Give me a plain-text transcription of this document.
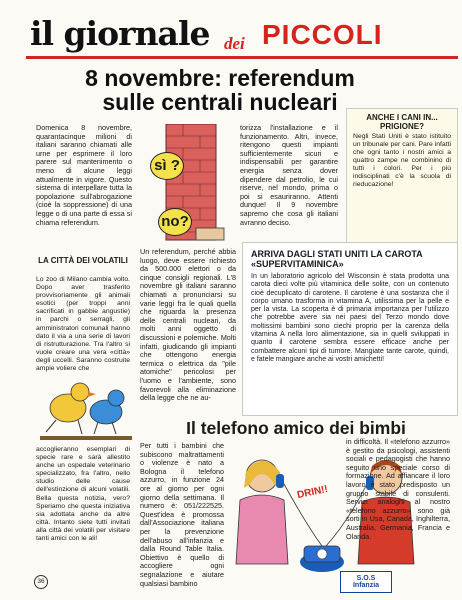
il giornale dei PICCOLI
8 novembre: referendum sulle centrali nucleari
Domenica 8 novembre, quarantacinque milioni di italiani saranno chiamati alle urne per esprimere il loro parere sul mantenimento o meno di alcune leggi attualmente in vigore. Questo sistema di interpellare tutta la popolazione sull'abrogazione (cioè la soppressione) di una legge o di una parte di essa si chiama referendum.
sì ?
no?
torizza l'installazione e il funzionamento. Altri, invece, ritengono questi impianti sufficientemente sicuri e indispensabili per garantire energia senza dover dipendere dal petrolio, le cui riserve, nel mondo, prima o poi si esauriranno. Attenti dunque! Il 9 novembre sapremo che cosa gli italiani avranno deciso.
Un referendum, perché abbia luogo, deve essere richiesto da 500.000 elettori o da cinque consigli regionali. L'8 novembre gli italiani saranno chiamati a pronunciarsi su varie leggi fra le quali quella che riguarda la presenza delle centrali nucleari, da molti anni oggetto di discussioni e polemiche. Molti infatti, giudicando gli impianti che ottengono energia termica o elettrica da "pile atomiche" pericolosi per l'uomo e l'ambiente, sono favorevoli alla eliminazione della legge che ne au-
ANCHE I CANI IN... PRIGIONE?
Negli Stati Uniti è stato istituito un tribunale per cani. Pare infatti che ogni tanto i nostri amici a quattro zampe ne combinino di tutti i colori. Per i più indisciplinati c'è la scuola di rieducazione!
LA CITTÀ DEI VOLATILI
Lo zoo di Milano cambia volto. Dopo aver trasferito provvisoriamente gli animali esotici (per troppi anni sacrificati in gabbie angustie) in parchi o serragli, gli amministratori comunali hanno dato il via a una serie di lavori di ristrutturazione. Tra l'altro si vuole creare una vera «città» degli uccelli. Saranno costruite ampie voliere che
accoglieranno esemplari di specie rare e sarà allestito anche un ospedale veterinario specializzato, fra l'altro, nello studio delle cause dell'estinzione di alcuni volatili. Bella questa notizia, vero? Speriamo che questa iniziativa sia adottata anche da altre città. Intanto siete tutti invitati alla città dei volatili per visitare tanti amici con le ali!
ARRIVA DAGLI STATI UNITI LA CAROTA «SUPERVITAMINICA»
In un laboratorio agricolo del Wisconsin è stata prodotta una carota dieci volte più vitaminica delle solite, con un contenuto cioè decuplicato di carotene. Il carotene è una sostanza che il corpo umano trasforma in vitamina A, utilissima per la pelle e per la vista. La scoperta è di primaria importanza per l'utilizzo che potrebbe avere sia nei paesi del Terzo mondo dove moltissimi bambini sono ciechi proprio per la carenza della vitamina A nella loro alimentazione, sia in quelli sviluppati in quanto il carotene sembra essere efficace anche per combattere alcuni tipi di tumore. Mangiate tante carote, quindi, e fatele mangiare anche ai vostri amichetti!
Il telefono amico dei bimbi
Per tutti i bambini che subiscono maltrattamenti o violenze è nato a Bologna il telefono azzurro, in funzione 24 ore al giorno per ogni giorno della settimana. Il numero è: 051/222525. Quest'idea è promossa dall'Associazione italiana per la prevenzione dell'abuso all'infanzia e dalla Round Table Italia. Obiettivo è quello di accogliere ogni segnalazione e aiutare qualsiasi bambino
DRIN!!
in difficoltà. Il «telefono azzurro» è gestito da psicologi, assistenti sociali e pedagogisti che hanno seguito uno speciale corso di formazione. Ad affiancare il loro lavoro è stato predisposto un gruppo stabile di consulenti. Servizi analoghi al nostro «telefono azzurro» sono già sorti in Usa, Canada, Inghilterra, Australia, Germania, Francia e Olanda.
S.O.S
Infanzia
36
